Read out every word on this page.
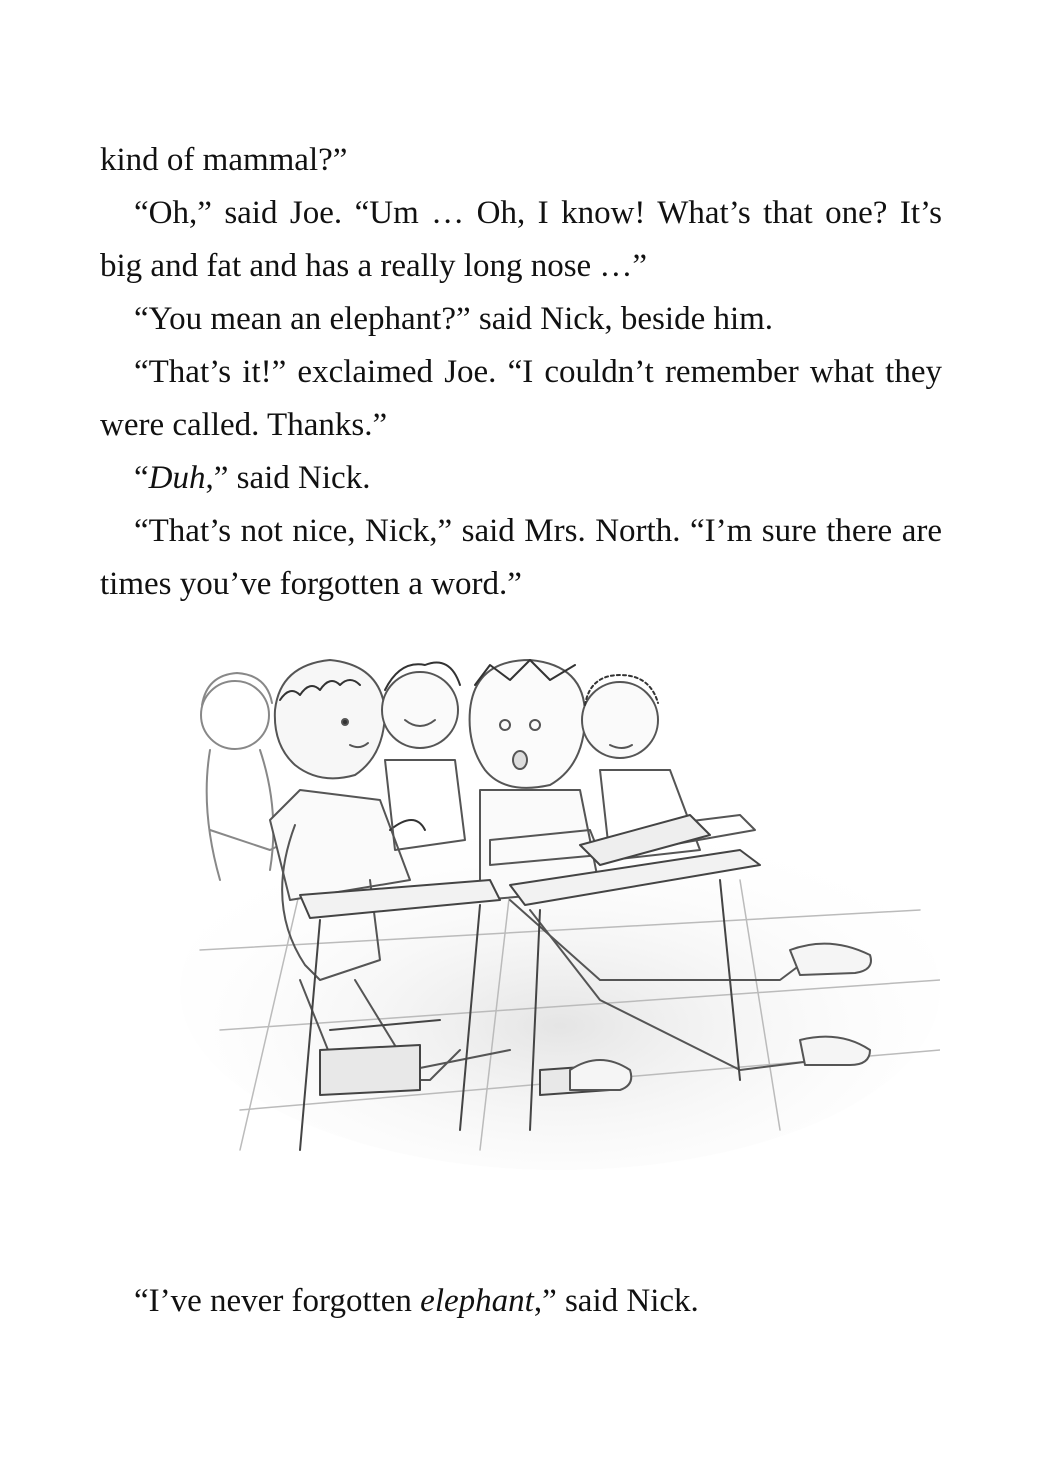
kind of mammal?”

“Oh,” said Joe. “Um … Oh, I know! What’s that one? It’s big and fat and has a really long nose …”

“You mean an elephant?” said Nick, beside him.

“That’s it!” exclaimed Joe. “I couldn’t remember what they were called. Thanks.”

“Duh,” said Nick.

“That’s not nice, Nick,” said Mrs. North. “I’m sure there are times you’ve forgotten a word.”

“I’ve never forgotten elephant,” said Nick.
